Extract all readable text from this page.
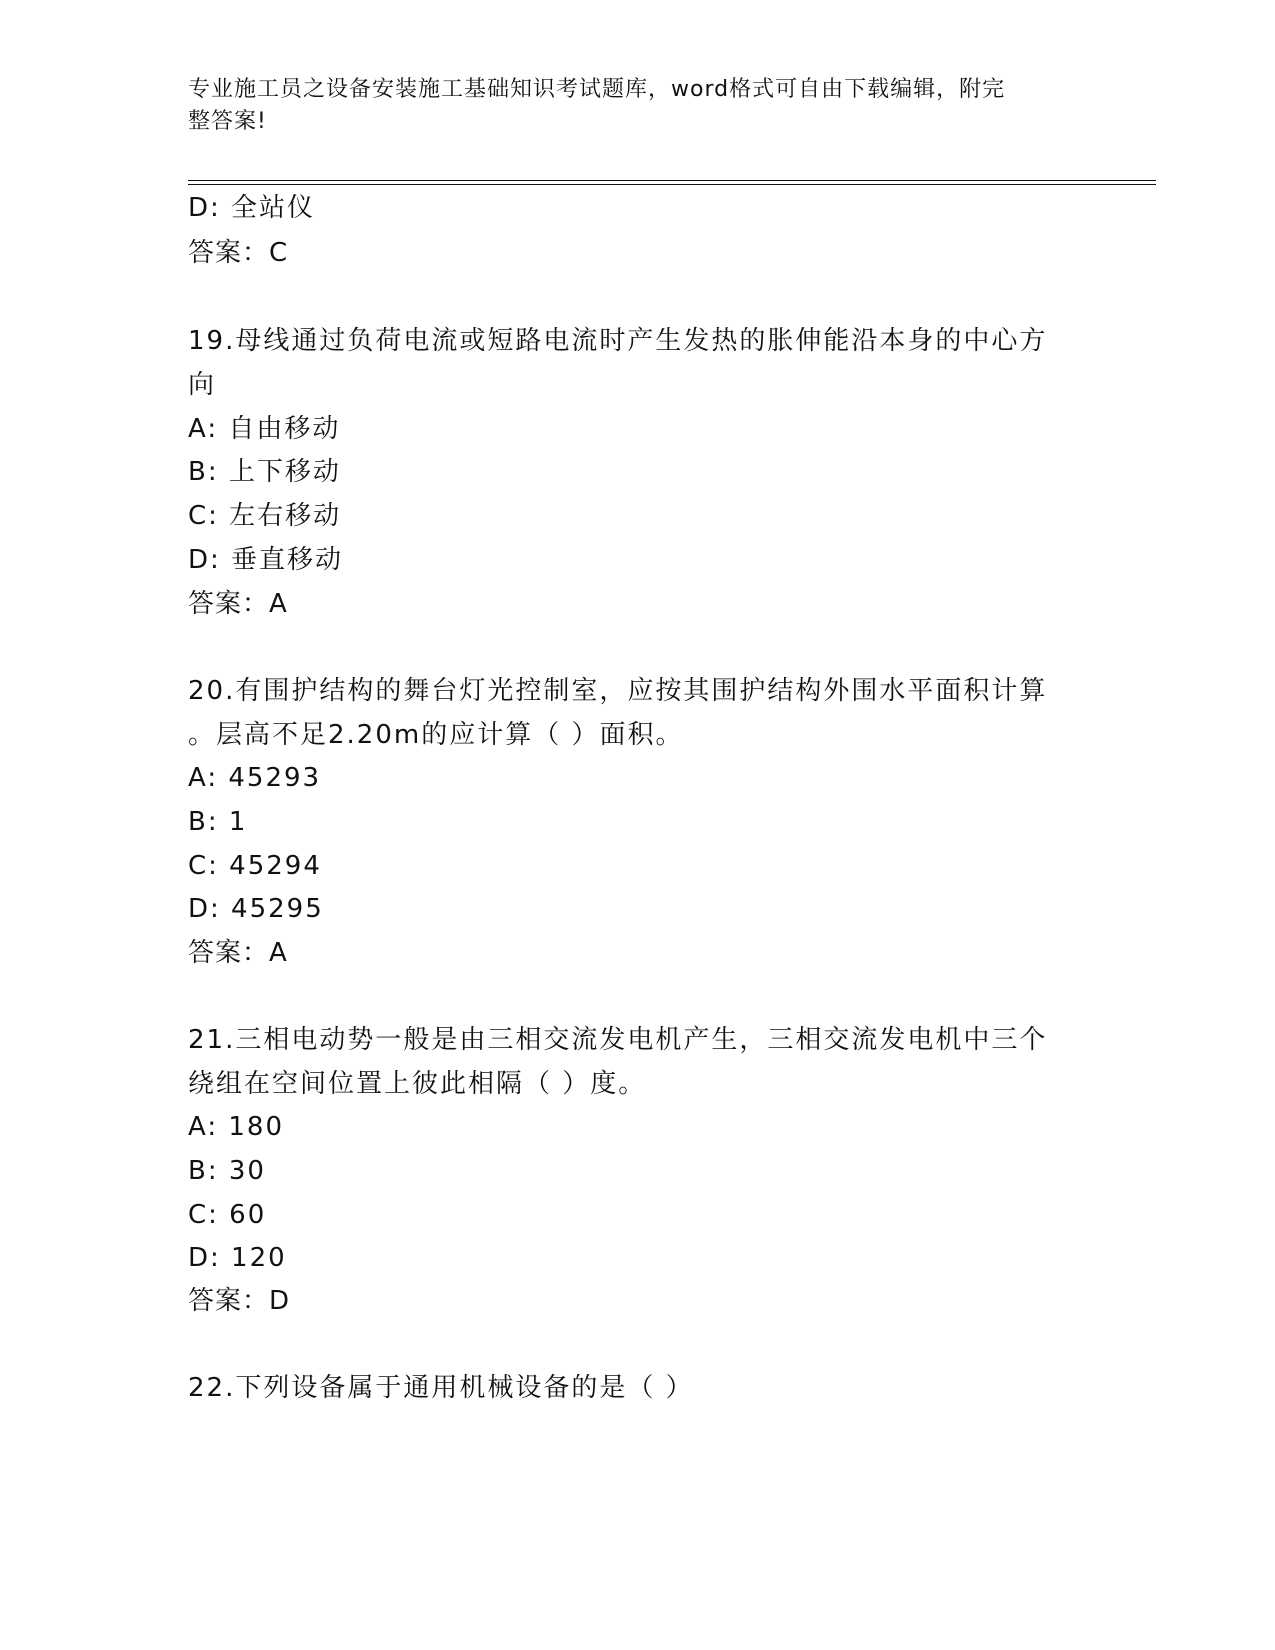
专业施工员之设备安装施工基础知识考试题库，word格式可自由下载编辑，附完
整答案!
D: 全站仪
答案：C
19.母线通过负荷电流或短路电流时产生发热的胀伸能沿本身的中心方
向
A: 自由移动
B: 上下移动
C: 左右移动
D: 垂直移动
答案：A
20.有围护结构的舞台灯光控制室，应按其围护结构外围水平面积计算
。层高不足2.20m的应计算（ ）面积。
A: 45293
B: 1
C: 45294
D: 45295
答案：A
21.三相电动势一般是由三相交流发电机产生，三相交流发电机中三个
绕组在空间位置上彼此相隔（ ）度。
A: 180
B: 30
C: 60
D: 120
答案：D
22.下列设备属于通用机械设备的是（ ）
